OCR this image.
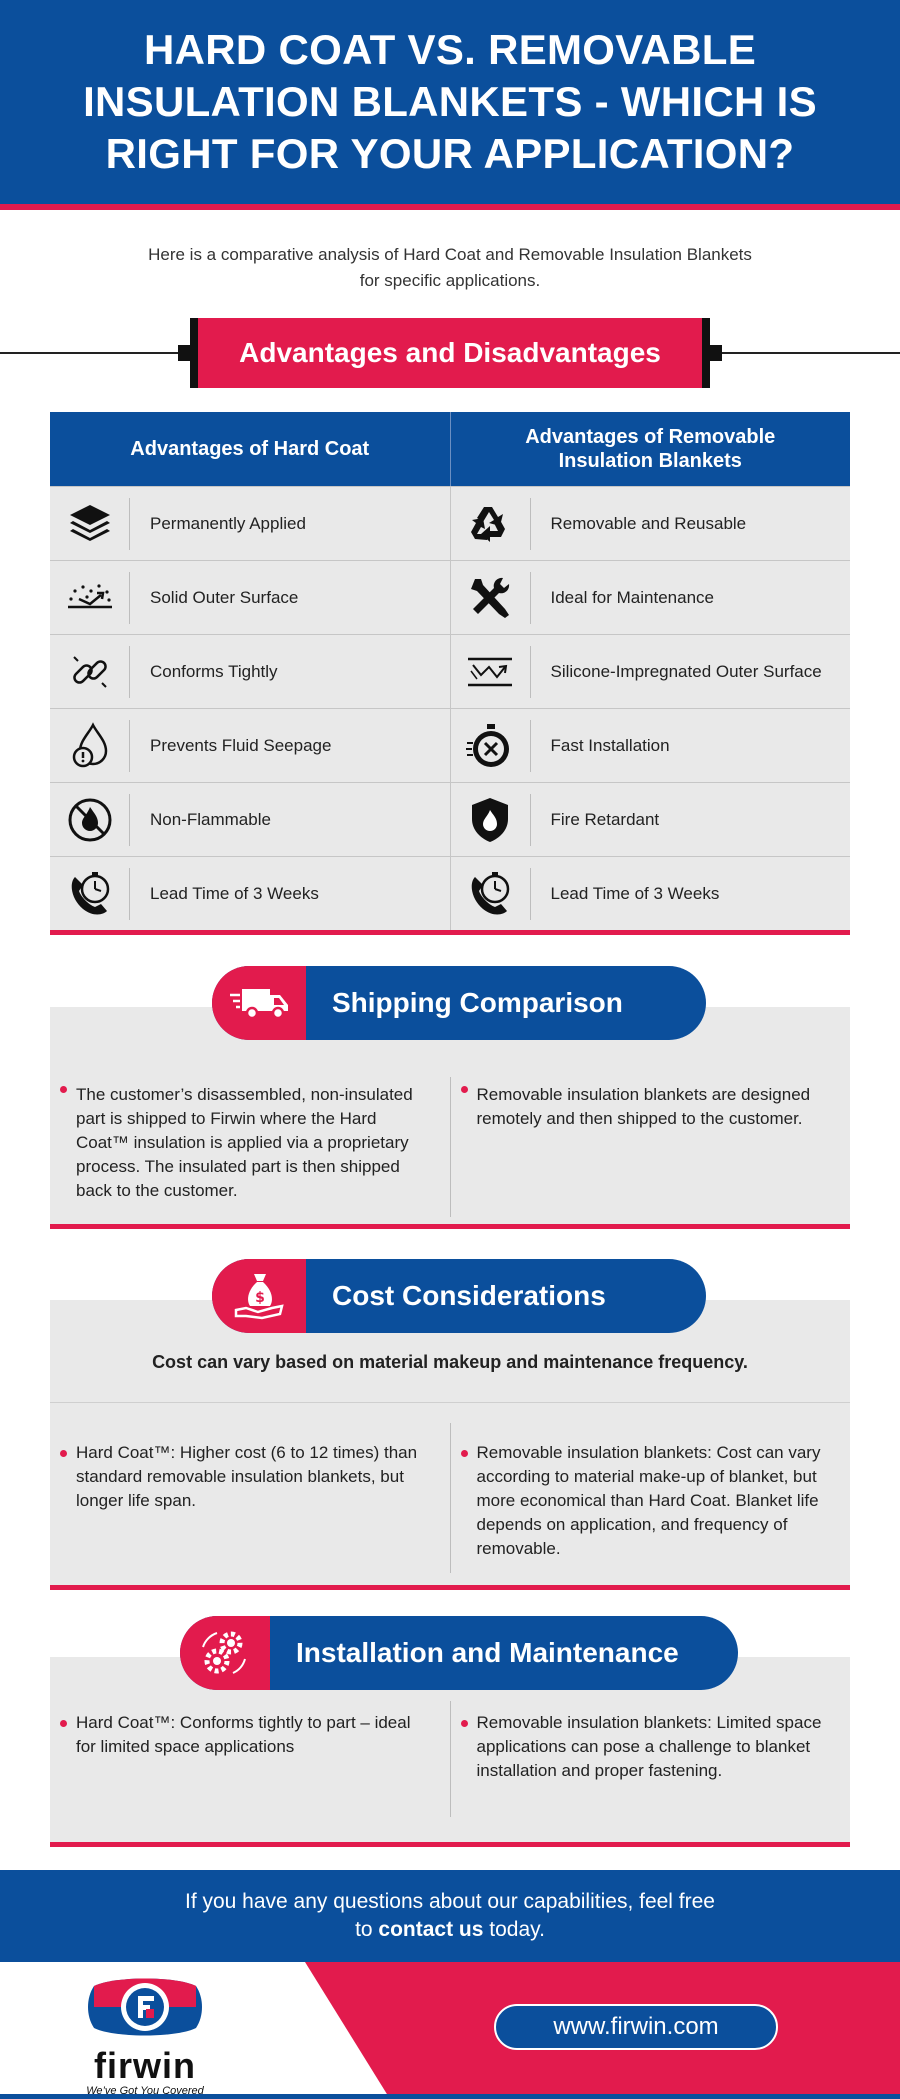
HARD COAT VS. REMOVABLE INSULATION BLANKETS - WHICH IS RIGHT FOR YOUR APPLICATION?
Here is a comparative analysis of Hard Coat and Removable Insulation Blankets
for specific applications.
Advantages and Disadvantages
Advantages of Hard Coat
Advantages of Removable Insulation Blankets
Permanently Applied	Removable and Reusable
Solid Outer Surface	Ideal for Maintenance
Conforms Tightly	Silicone-Impregnated Outer Surface
Prevents Fluid Seepage	Fast Installation
Non-Flammable	Fire Retardant
Lead Time of 3 Weeks	Lead Time of 3 Weeks
The customer’s disassembled, non-insulated part is shipped to Firwin where the Hard Coat™ insulation is applied via a proprietary process. The insulated part is then shipped back to the customer.
Removable insulation blankets are designed remotely and then shipped to the customer.
Shipping Comparison
Cost can vary based on material makeup and maintenance frequency.
Hard Coat™: Higher cost (6 to 12 times) than standard removable insulation blankets, but longer life span.
Removable insulation blankets: Cost can vary according to material make-up of blanket, but more economical than Hard Coat. Blanket life depends on application, and frequency of removable.
$	Cost Considerations
Hard Coat™: Conforms tightly to part – ideal for limited space applications
Removable insulation blankets: Limited space applications can pose a challenge to blanket installation and proper fastening.
Installation and Maintenance
If you have any questions about our capabilities, feel free
to contact us today.
firwin
We’ve Got You Covered
www.firwin.com
